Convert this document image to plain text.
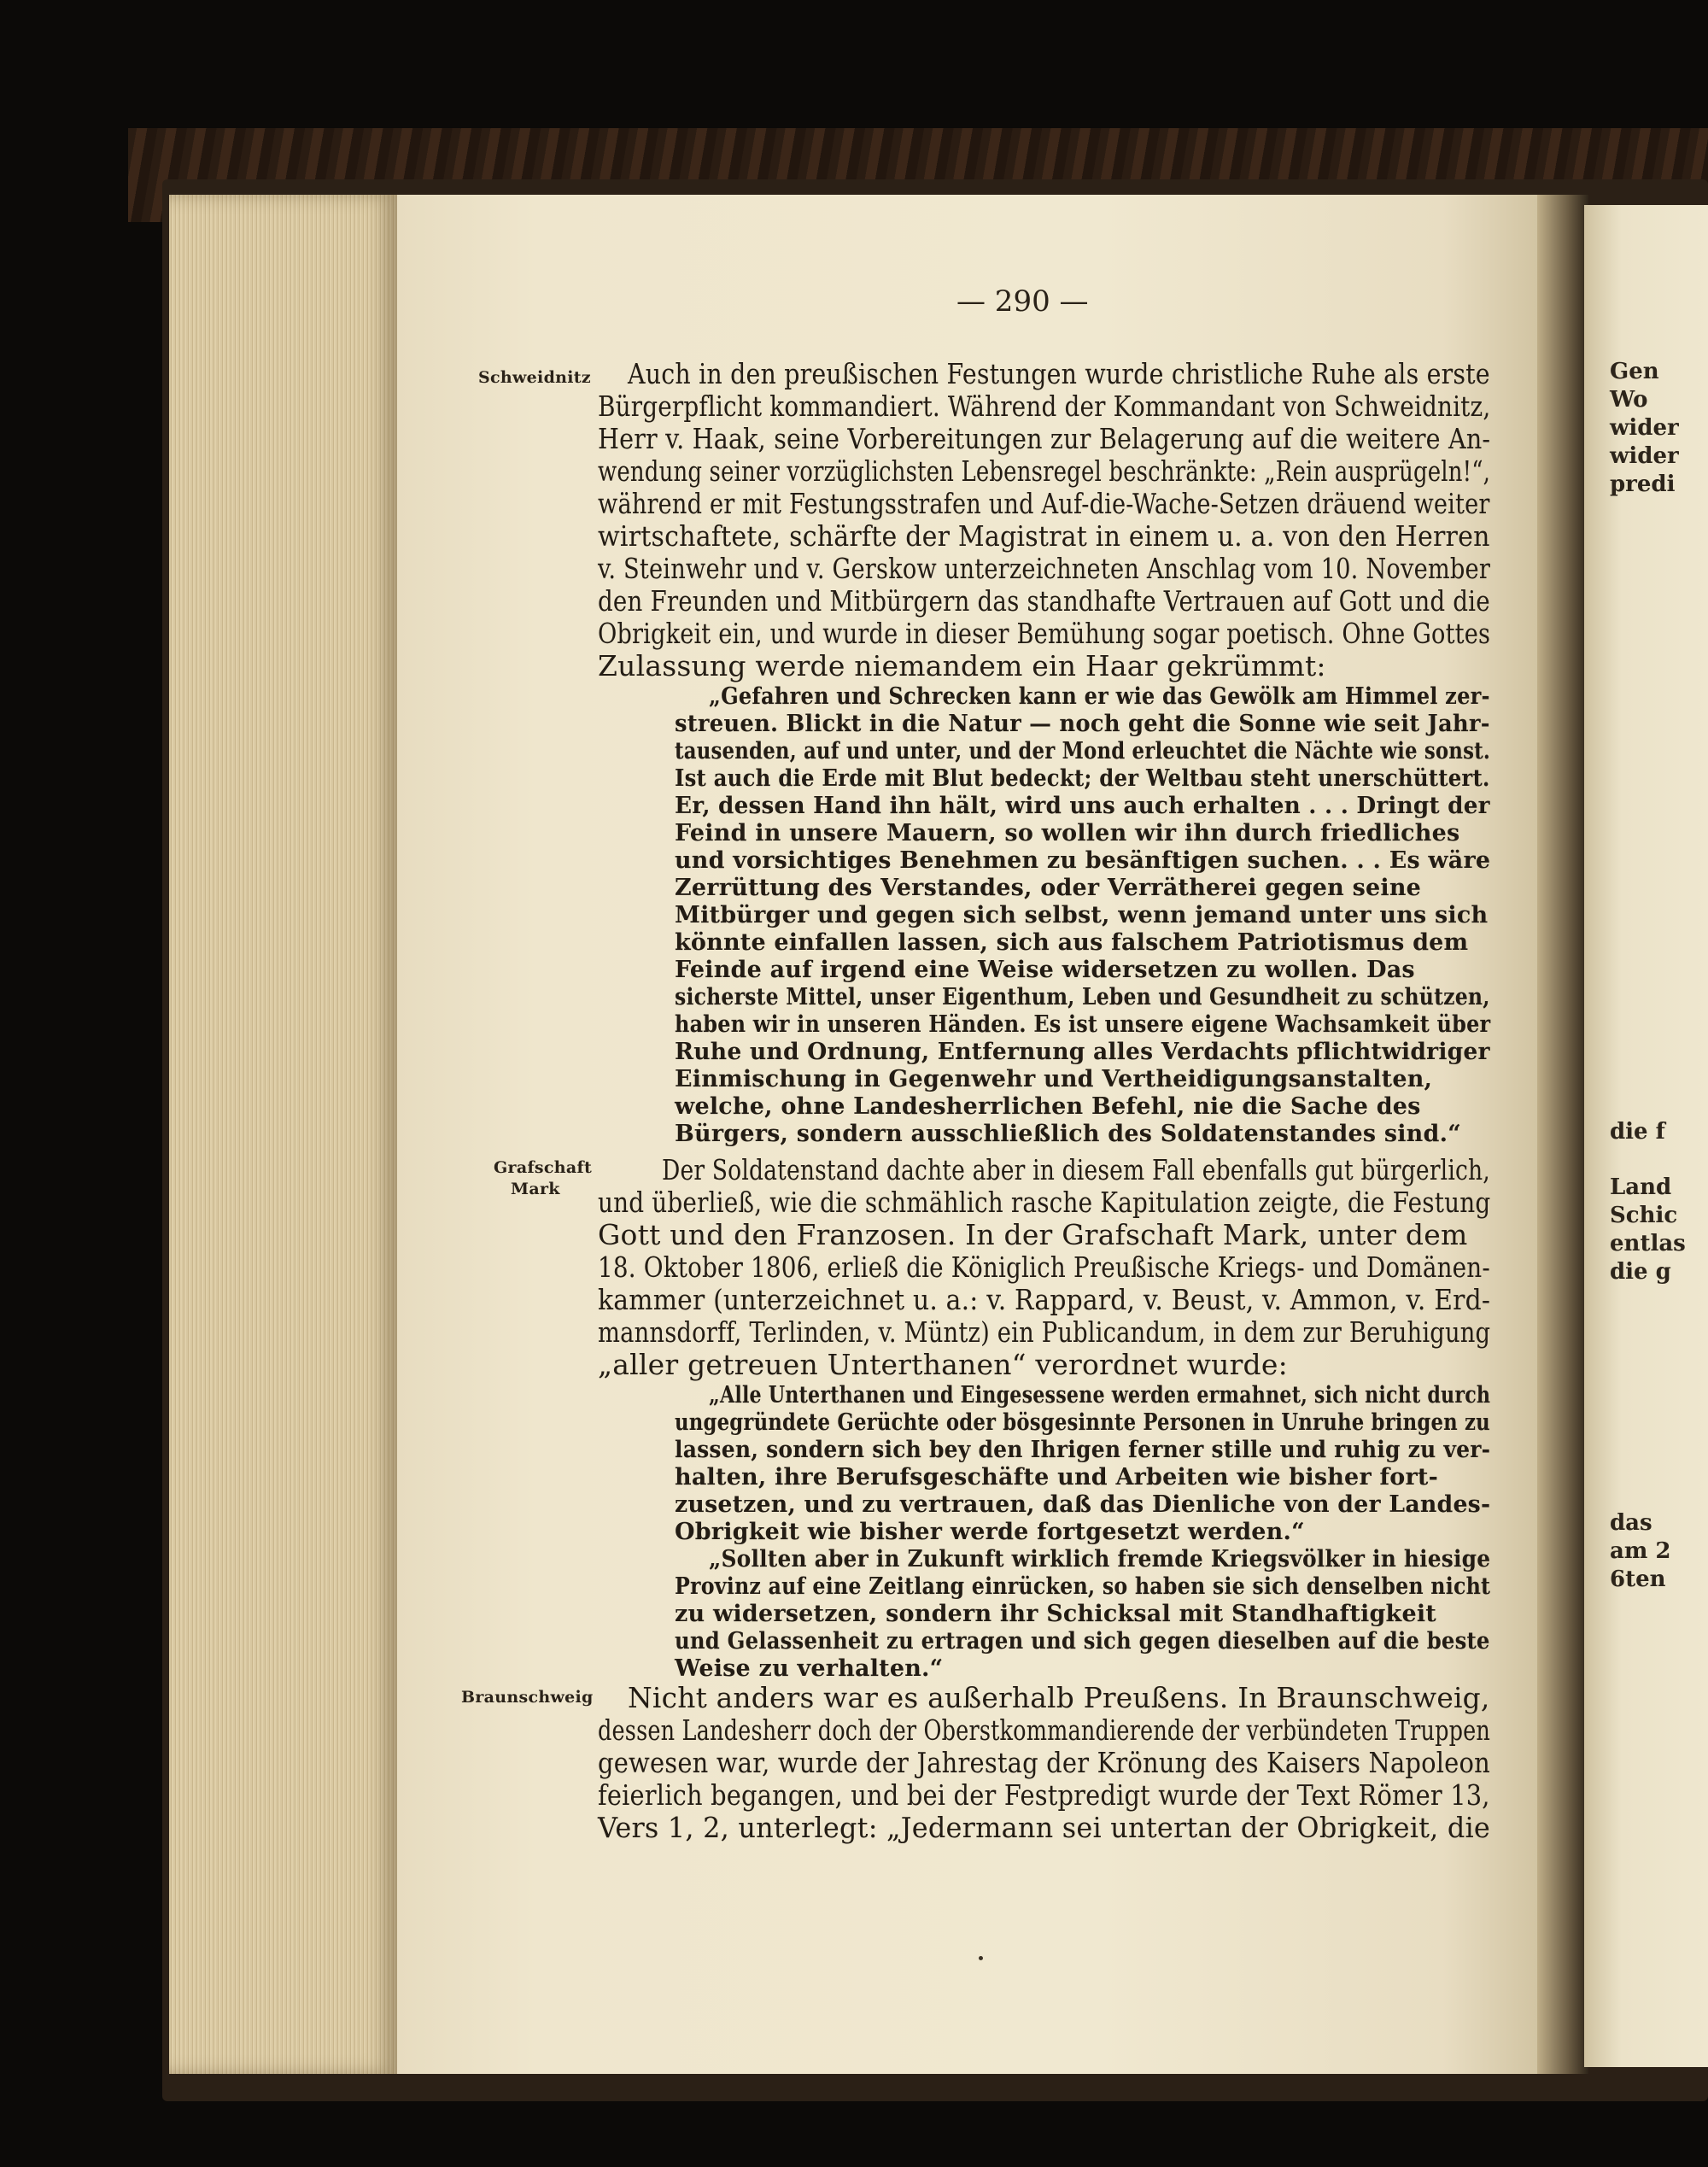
Gen
Wo
wider
wider
predi
die f
Land
Schic
entlas
die g
das
am 2
6ten
— 290 —
Schweidnitz
Grafschaft
Mark
Braunschweig
Auch in den preußischen Festungen wurde christliche Ruhe als erste
Bürgerpflicht kommandiert. Während der Kommandant von Schweidnitz,
Herr v. Haak, seine Vorbereitungen zur Belagerung auf die weitere An-
wendung seiner vorzüglichsten Lebensregel beschränkte: „Rein ausprügeln!“,
während er mit Festungsstrafen und Auf-die-Wache-Setzen dräuend weiter
wirtschaftete, schärfte der Magistrat in einem u. a. von den Herren
v. Steinwehr und v. Gerskow unterzeichneten Anschlag vom 10. November
den Freunden und Mitbürgern das standhafte Vertrauen auf Gott und die
Obrigkeit ein, und wurde in dieser Bemühung sogar poetisch. Ohne Gottes
Zulassung werde niemandem ein Haar gekrümmt:
„Gefahren und Schrecken kann er wie das Gewölk am Himmel zer-
streuen. Blickt in die Natur — noch geht die Sonne wie seit Jahr-
tausenden, auf und unter, und der Mond erleuchtet die Nächte wie sonst.
Ist auch die Erde mit Blut bedeckt; der Weltbau steht unerschüttert.
Er, dessen Hand ihn hält, wird uns auch erhalten . . . Dringt der
Feind in unsere Mauern, so wollen wir ihn durch friedliches
und vorsichtiges Benehmen zu besänftigen suchen. . . Es wäre
Zerrüttung des Verstandes, oder Verrätherei gegen seine
Mitbürger und gegen sich selbst, wenn jemand unter uns sich
könnte einfallen lassen, sich aus falschem Patriotismus dem
Feinde auf irgend eine Weise widersetzen zu wollen. Das
sicherste Mittel, unser Eigenthum, Leben und Gesundheit zu schützen,
haben wir in unseren Händen. Es ist unsere eigene Wachsamkeit über
Ruhe und Ordnung, Entfernung alles Verdachts pflichtwidriger
Einmischung in Gegenwehr und Vertheidigungsanstalten,
welche, ohne Landesherrlichen Befehl, nie die Sache des
Bürgers, sondern ausschließlich des Soldatenstandes sind.“
Der Soldatenstand dachte aber in diesem Fall ebenfalls gut bürgerlich,
und überließ, wie die schmählich rasche Kapitulation zeigte, die Festung
Gott und den Franzosen. In der Grafschaft Mark, unter dem
18. Oktober 1806, erließ die Königlich Preußische Kriegs- und Domänen-
kammer (unterzeichnet u. a.: v. Rappard, v. Beust, v. Ammon, v. Erd-
mannsdorff, Terlinden, v. Müntz) ein Publicandum, in dem zur Beruhigung
„aller getreuen Unterthanen“ verordnet wurde:
„Alle Unterthanen und Eingesessene werden ermahnet, sich nicht durch
ungegründete Gerüchte oder bösgesinnte Personen in Unruhe bringen zu
lassen, sondern sich bey den Ihrigen ferner stille und ruhig zu ver-
halten, ihre Berufsgeschäfte und Arbeiten wie bisher fort-
zusetzen, und zu vertrauen, daß das Dienliche von der Landes-
Obrigkeit wie bisher werde fortgesetzt werden.“
„Sollten aber in Zukunft wirklich fremde Kriegsvölker in hiesige
Provinz auf eine Zeitlang einrücken, so haben sie sich denselben nicht
zu widersetzen, sondern ihr Schicksal mit Standhaftigkeit
und Gelassenheit zu ertragen und sich gegen dieselben auf die beste
Weise zu verhalten.“
Nicht anders war es außerhalb Preußens. In Braunschweig,
dessen Landesherr doch der Oberstkommandierende der verbündeten Truppen
gewesen war, wurde der Jahrestag der Krönung des Kaisers Napoleon
feierlich begangen, und bei der Festpredigt wurde der Text Römer 13,
Vers 1, 2, unterlegt: „Jedermann sei untertan der Obrigkeit, die
